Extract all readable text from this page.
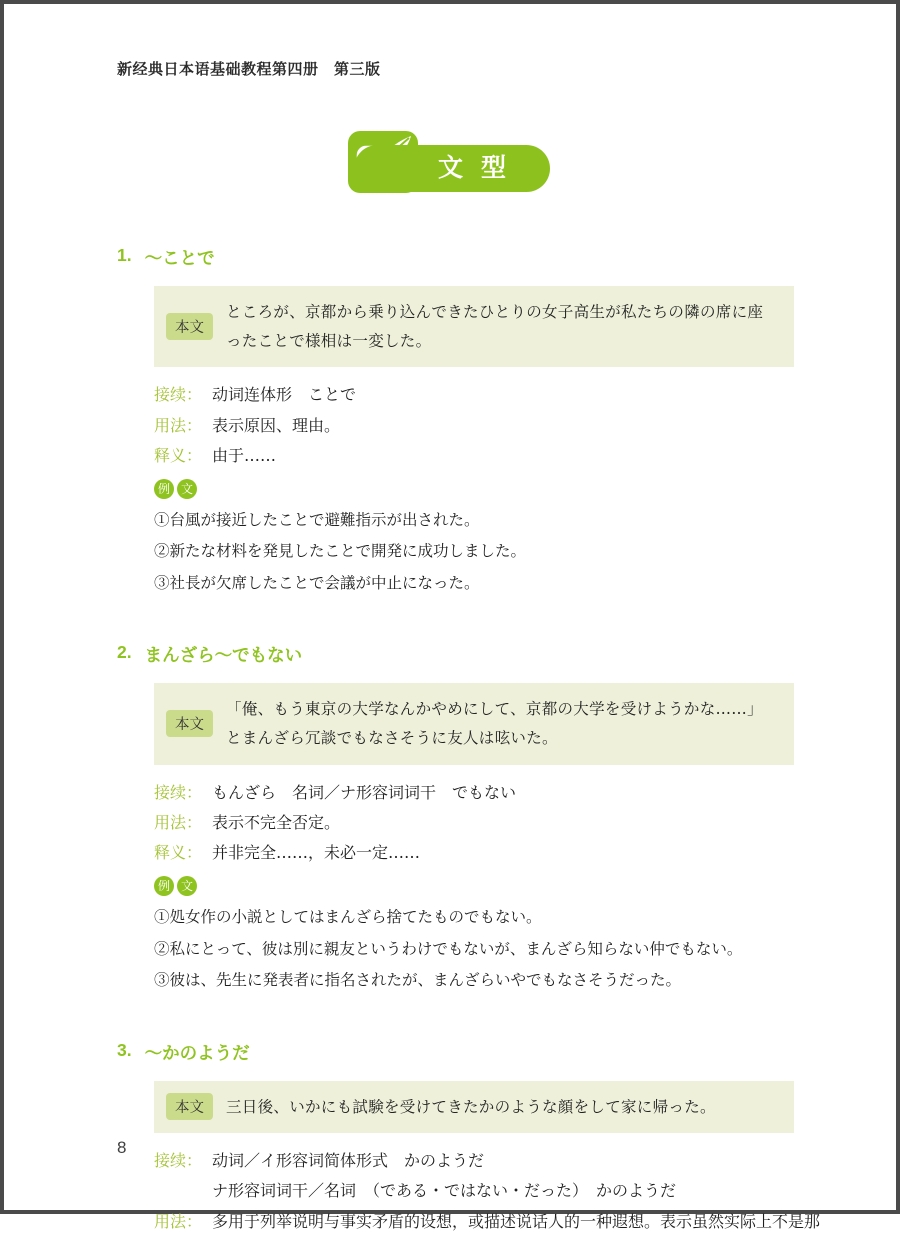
新经典日本语基础教程第四册　第三版
文型
1. ～ことで
本文
ところが、京都から乗り込んできたひとりの女子高生が私たちの隣の席に座ったことで様相は一変した。
接续： 动词连体形　ことで
用法： 表示原因、理由。
释义： 由于……
例 文
①台風が接近したことで避難指示が出された。
②新たな材料を発見したことで開発に成功しました。
③社長が欠席したことで会議が中止になった。
2. まんざら～でもない
本文
「俺、もう東京の大学なんかやめにして、京都の大学を受けようかな……」とまんざら冗談でもなさそうに友人は呟いた。
接续： もんざら　名词／ナ形容词词干　でもない
用法： 表示不完全否定。
释义： 并非完全……，未必一定……
例 文
①処女作の小説としてはまんざら捨てたものでもない。
②私にとって、彼は別に親友というわけでもないが、まんざら知らない仲でもない。
③彼は、先生に発表者に指名されたが、まんざらいやでもなさそうだった。
3. ～かのようだ
本文	三日後、いかにも試験を受けてきたかのような顔をして家に帰った。
接续： 动词／イ形容词简体形式　かのようだ
ナ形容词词干／名词　（である・ではない・だった）　かのようだ
用法： 多用于列举说明与事实矛盾的设想，或描述说话人的一种遐想。表示虽然实际上不是那
8
